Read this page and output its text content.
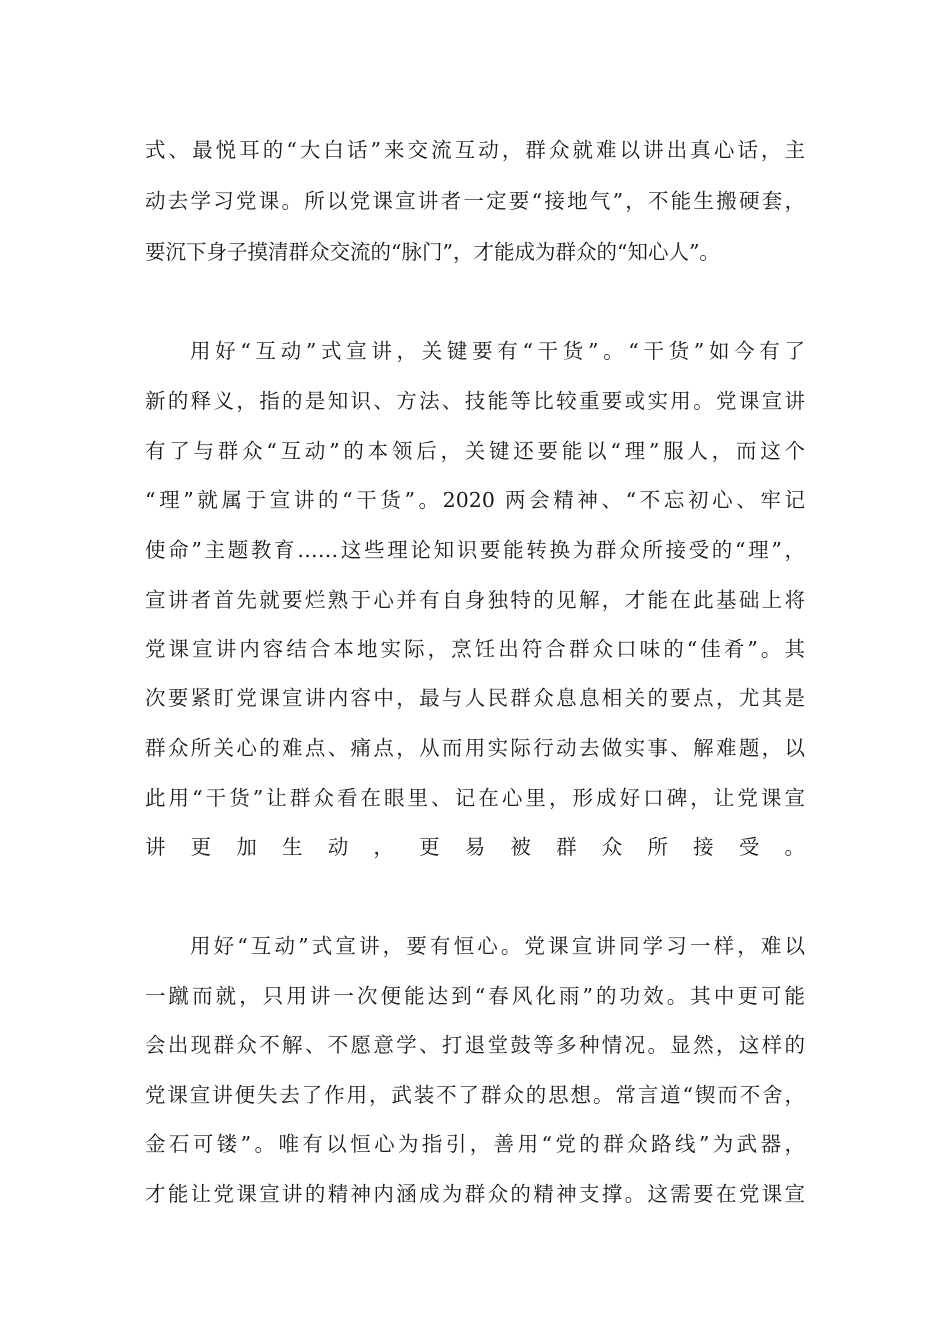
式、最悦耳的“大白话”来交流互动，群众就难以讲出真心话，主
动去学习党课。所以党课宣讲者一定要“接地气”，不能生搬硬套，
要沉下身子摸清群众交流的“脉门”，才能成为群众的“知心人”。
用好“互动”式宣讲，关键要有“干货”。“干货”如今有了
新的释义，指的是知识、方法、技能等比较重要或实用。党课宣讲
有了与群众“互动”的本领后，关键还要能以“理”服人，而这个
“理”就属于宣讲的“干货”。2020 两会精神、“不忘初心、牢记
使命”主题教育……这些理论知识要能转换为群众所接受的“理”，
宣讲者首先就要烂熟于心并有自身独特的见解，才能在此基础上将
党课宣讲内容结合本地实际，烹饪出符合群众口味的“佳肴”。其
次要紧盯党课宣讲内容中，最与人民群众息息相关的要点，尤其是
群众所关心的难点、痛点，从而用实际行动去做实事、解难题，以
此用“干货”让群众看在眼里、记在心里，形成好口碑，让党课宣
讲更加生动，更易被群众所接受。
用好“互动”式宣讲，要有恒心。党课宣讲同学习一样，难以
一蹴而就，只用讲一次便能达到“春风化雨”的功效。其中更可能
会出现群众不解、不愿意学、打退堂鼓等多种情况。显然，这样的
党课宣讲便失去了作用，武装不了群众的思想。常言道“锲而不舍，
金石可镂”。唯有以恒心为指引，善用“党的群众路线”为武器，
才能让党课宣讲的精神内涵成为群众的精神支撑。这需要在党课宣
